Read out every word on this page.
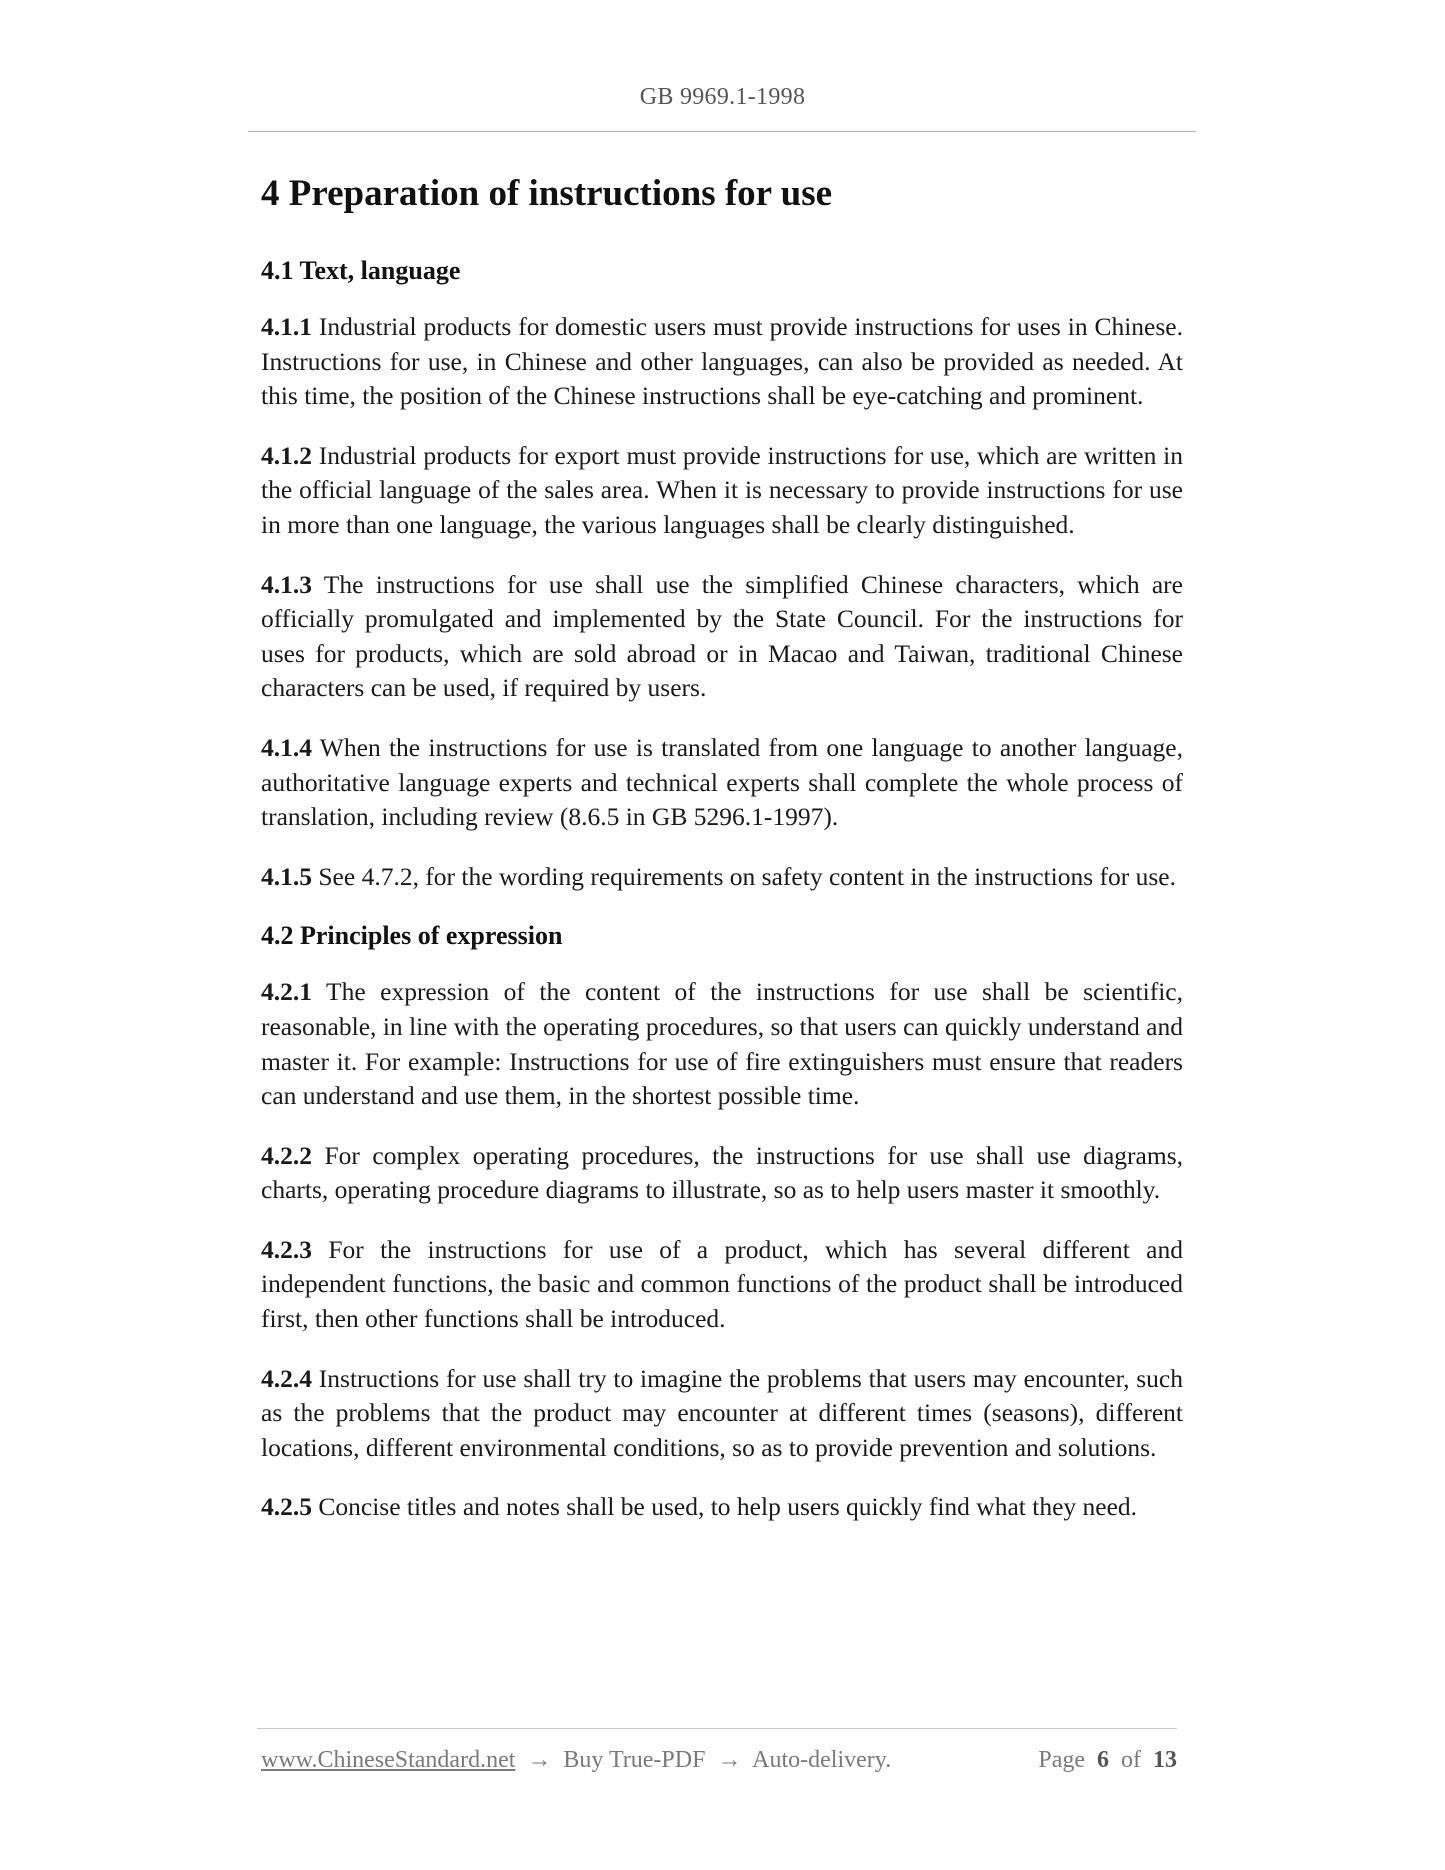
GB 9969.1-1998
4 Preparation of instructions for use
4.1 Text, language

4.1.1 Industrial products for domestic users must provide instructions for uses in Chinese. Instructions for use, in Chinese and other languages, can also be provided as needed. At this time, the position of the Chinese instructions shall be eye-catching and prominent.

4.1.2 Industrial products for export must provide instructions for use, which are written in the official language of the sales area. When it is necessary to provide instructions for use in more than one language, the various languages shall be clearly distinguished.

4.1.3 The instructions for use shall use the simplified Chinese characters, which are officially promulgated and implemented by the State Council. For the instructions for uses for products, which are sold abroad or in Macao and Taiwan, traditional Chinese characters can be used, if required by users.

4.1.4 When the instructions for use is translated from one language to another language, authoritative language experts and technical experts shall complete the whole process of translation, including review (8.6.5 in GB 5296.1-1997).

4.1.5 See 4.7.2, for the wording requirements on safety content in the instructions for use.

4.2 Principles of expression

4.2.1 The expression of the content of the instructions for use shall be scientific, reasonable, in line with the operating procedures, so that users can quickly understand and master it. For example: Instructions for use of fire extinguishers must ensure that readers can understand and use them, in the shortest possible time.

4.2.2 For complex operating procedures, the instructions for use shall use diagrams, charts, operating procedure diagrams to illustrate, so as to help users master it smoothly.

4.2.3 For the instructions for use of a product, which has several different and independent functions, the basic and common functions of the product shall be introduced first, then other functions shall be introduced.

4.2.4 Instructions for use shall try to imagine the problems that users may encounter, such as the problems that the product may encounter at different times (seasons), different locations, different environmental conditions, so as to provide prevention and solutions.

4.2.5 Concise titles and notes shall be used, to help users quickly find what they need.

www.ChineseStandard.net → Buy True-PDF → Auto-delivery.	Page 6 of 13
